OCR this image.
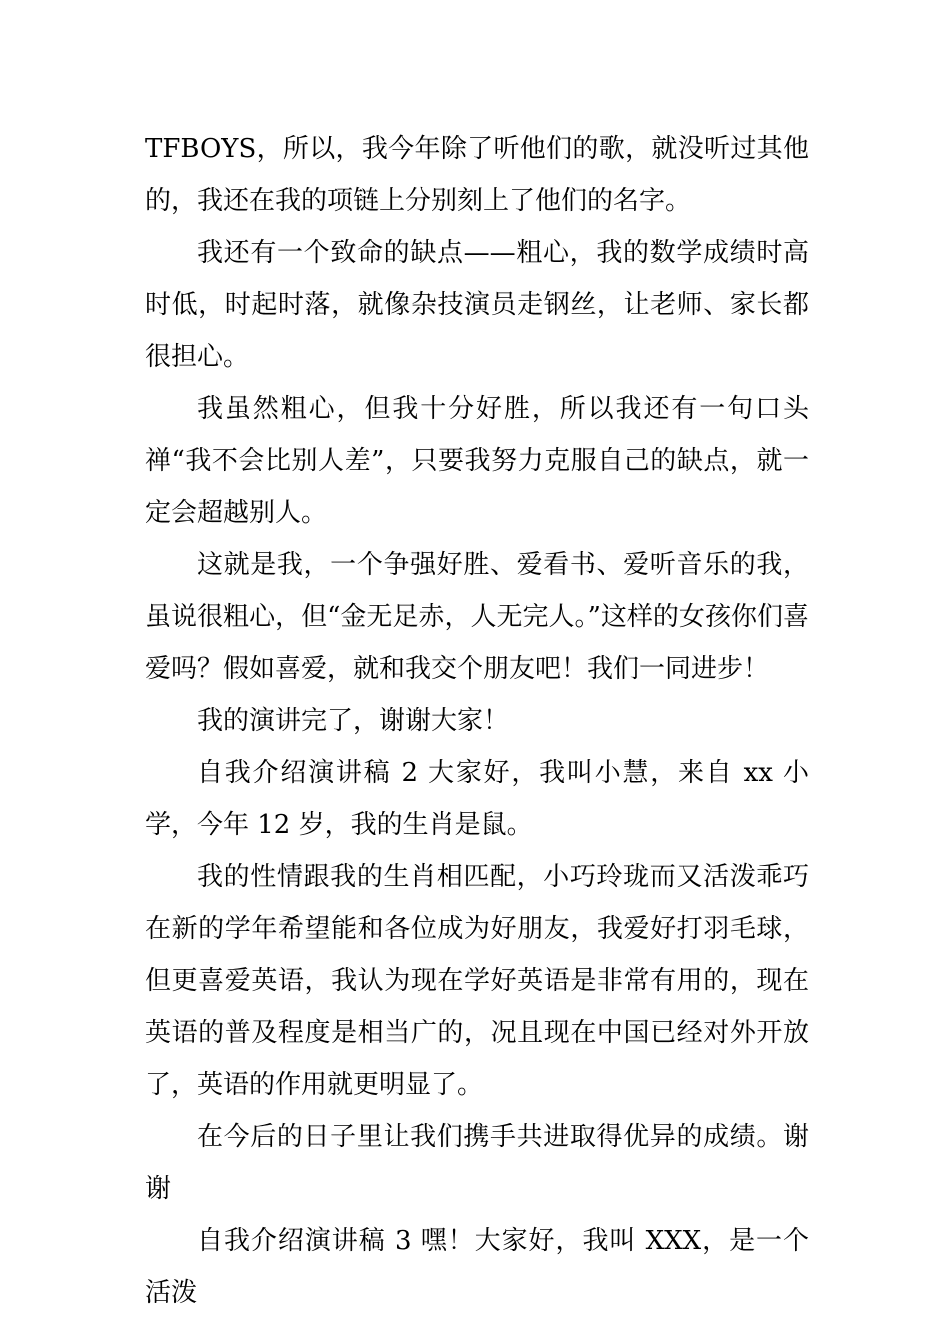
TFBOYS，所以，我今年除了听他们的歌，就没听过其他的，我还在我的项链上分别刻上了他们的名字。

我还有一个致命的缺点——粗心，我的数学成绩时高时低，时起时落，就像杂技演员走钢丝，让老师、家长都很担心。

我虽然粗心，但我十分好胜，所以我还有一句口头禅“我不会比别人差”，只要我努力克服自己的缺点，就一定会超越别人。

这就是我，一个争强好胜、爱看书、爱听音乐的我，虽说很粗心，但“金无足赤，人无完人。”这样的女孩你们喜爱吗？假如喜爱，就和我交个朋友吧！我们一同进步！

我的演讲完了，谢谢大家！

自我介绍演讲稿 2 大家好，我叫小慧，来自 xx 小学，今年 12 岁，我的生肖是鼠。

我的性情跟我的生肖相匹配，小巧玲珑而又活泼乖巧在新的学年希望能和各位成为好朋友，我爱好打羽毛球，但更喜爱英语，我认为现在学好英语是非常有用的，现在英语的普及程度是相当广的，况且现在中国已经对外开放了，英语的作用就更明显了。

在今后的日子里让我们携手共进取得优异的成绩。谢谢

自我介绍演讲稿 3 嘿！大家好，我叫 XXX，是一个活泼
